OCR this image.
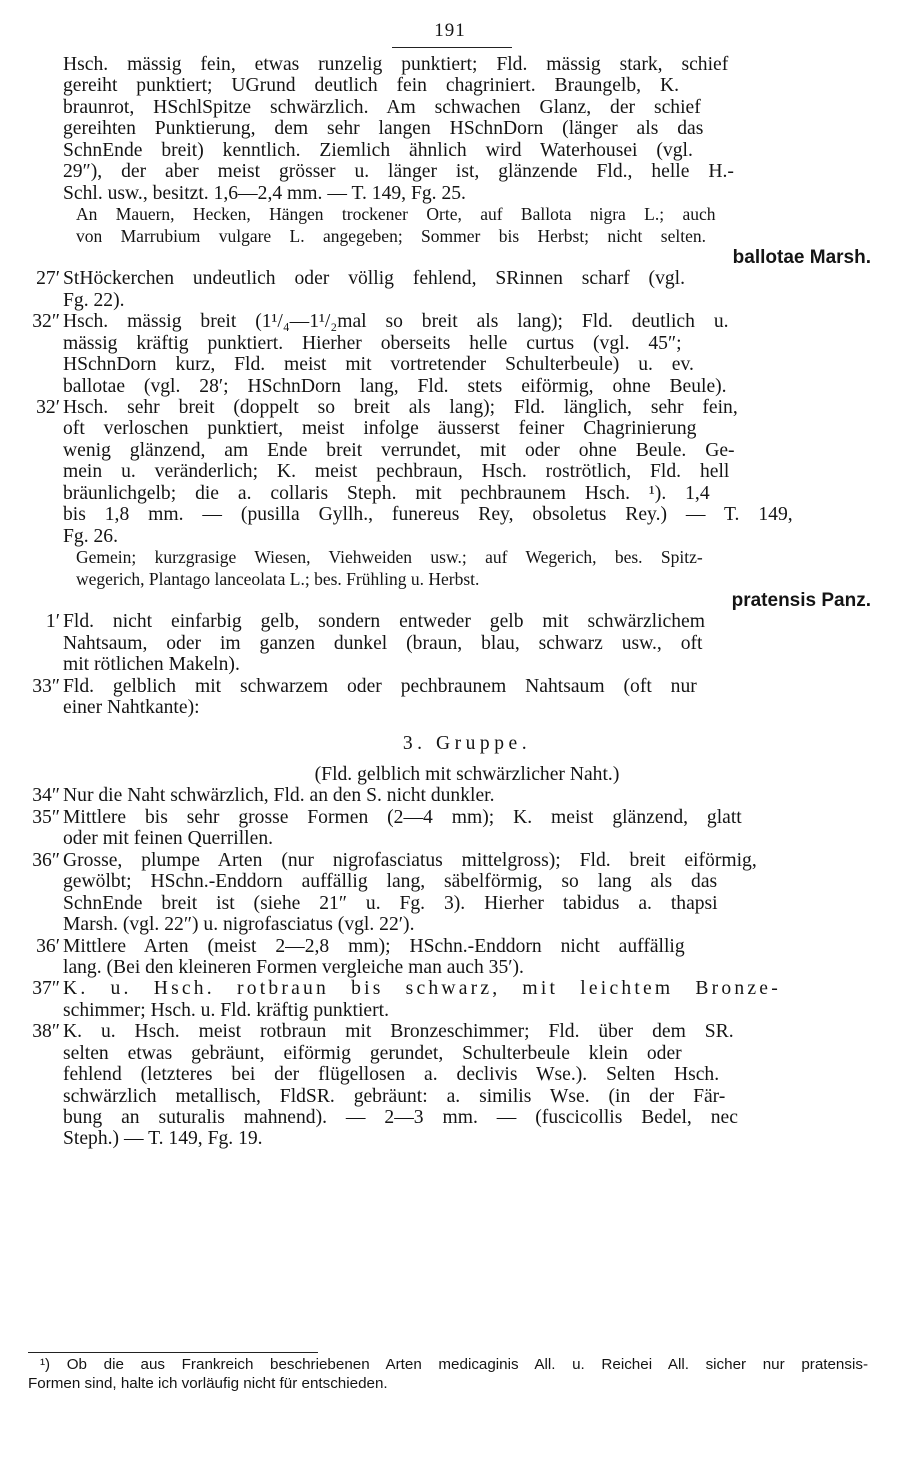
191
Hsch. mässig fein, etwas runzelig punktiert; Fld. mässig stark, schief
gereiht punktiert; UGrund deutlich fein chagriniert. Braungelb, K.
braunrot, HSchlSpitze schwärzlich. Am schwachen Glanz, der schief
gereihten Punktierung, dem sehr langen HSchnDorn (länger als das
SchnEnde breit) kenntlich. Ziemlich ähnlich wird Waterhousei (vgl.
29″), der aber meist grösser u. länger ist, glänzende Fld., helle H.-
Schl. usw., besitzt. 1,6—2,4 mm. — T. 149, Fg. 25.
An Mauern, Hecken, Hängen trockener Orte, auf Ballota nigra L.; auch
von Marrubium vulgare L. angegeben; Sommer bis Herbst; nicht selten.
ballotae Marsh.
27′ StHöckerchen undeutlich oder völlig fehlend, SRinnen scharf (vgl.
Fg. 22).
32″ Hsch. mässig breit (1¹/₄—1¹/₂mal so breit als lang); Fld. deutlich u.
mässig kräftig punktiert. Hierher oberseits helle curtus (vgl. 45″;
HSchnDorn kurz, Fld. meist mit vortretender Schulterbeule) u. ev.
ballotae (vgl. 28′; HSchnDorn lang, Fld. stets eiförmig, ohne Beule).
32′ Hsch. sehr breit (doppelt so breit als lang); Fld. länglich, sehr fein,
oft verloschen punktiert, meist infolge äusserst feiner Chagrinierung
wenig glänzend, am Ende breit verrundet, mit oder ohne Beule. Ge-
mein u. veränderlich; K. meist pechbraun, Hsch. roströtlich, Fld. hell
bräunlichgelb; die a. collaris Steph. mit pechbraunem Hsch. ¹). 1,4
bis 1,8 mm. — (pusilla Gyllh., funereus Rey, obsoletus Rey.) — T. 149,
Fg. 26.
Gemein; kurzgrasige Wiesen, Viehweiden usw.; auf Wegerich, bes. Spitz-
wegerich, Plantago lanceolata L.; bes. Frühling u. Herbst.
pratensis Panz.
1′ Fld. nicht einfarbig gelb, sondern entweder gelb mit schwärzlichem
Nahtsaum, oder im ganzen dunkel (braun, blau, schwarz usw., oft
mit rötlichen Makeln).
33″ Fld. gelblich mit schwarzem oder pechbraunem Nahtsaum (oft nur
einer Nahtkante):
3. Gruppe.
(Fld. gelblich mit schwärzlicher Naht.)
34″ Nur die Naht schwärzlich, Fld. an den S. nicht dunkler.
35″ Mittlere bis sehr grosse Formen (2—4 mm); K. meist glänzend, glatt
oder mit feinen Querrillen.
36″ Grosse, plumpe Arten (nur nigrofasciatus mittelgross); Fld. breit eiförmig,
gewölbt; HSchn.-Enddorn auffällig lang, säbelförmig, so lang als das
SchnEnde breit ist (siehe 21″ u. Fg. 3). Hierher tabidus a. thapsi
Marsh. (vgl. 22″) u. nigrofasciatus (vgl. 22′).
36′ Mittlere Arten (meist 2—2,8 mm); HSchn.-Enddorn nicht auffällig
lang. (Bei den kleineren Formen vergleiche man auch 35′).
37″ K. u. Hsch. rotbraun bis schwarz, mit leichtem Bronze-
schimmer; Hsch. u. Fld. kräftig punktiert.
38″ K. u. Hsch. meist rotbraun mit Bronzeschimmer; Fld. über dem SR.
selten etwas gebräunt, eiförmig gerundet, Schulterbeule klein oder
fehlend (letzteres bei der flügellosen a. declivis Wse.). Selten Hsch.
schwärzlich metallisch, FldSR. gebräunt: a. similis Wse. (in der Fär-
bung an suturalis mahnend). — 2—3 mm. — (fuscicollis Bedel, nec
Steph.) — T. 149, Fg. 19.
¹) Ob die aus Frankreich beschriebenen Arten medicaginis All. u. Reichei All. sicher nur pratensis-
Formen sind, halte ich vorläufig nicht für entschieden.
